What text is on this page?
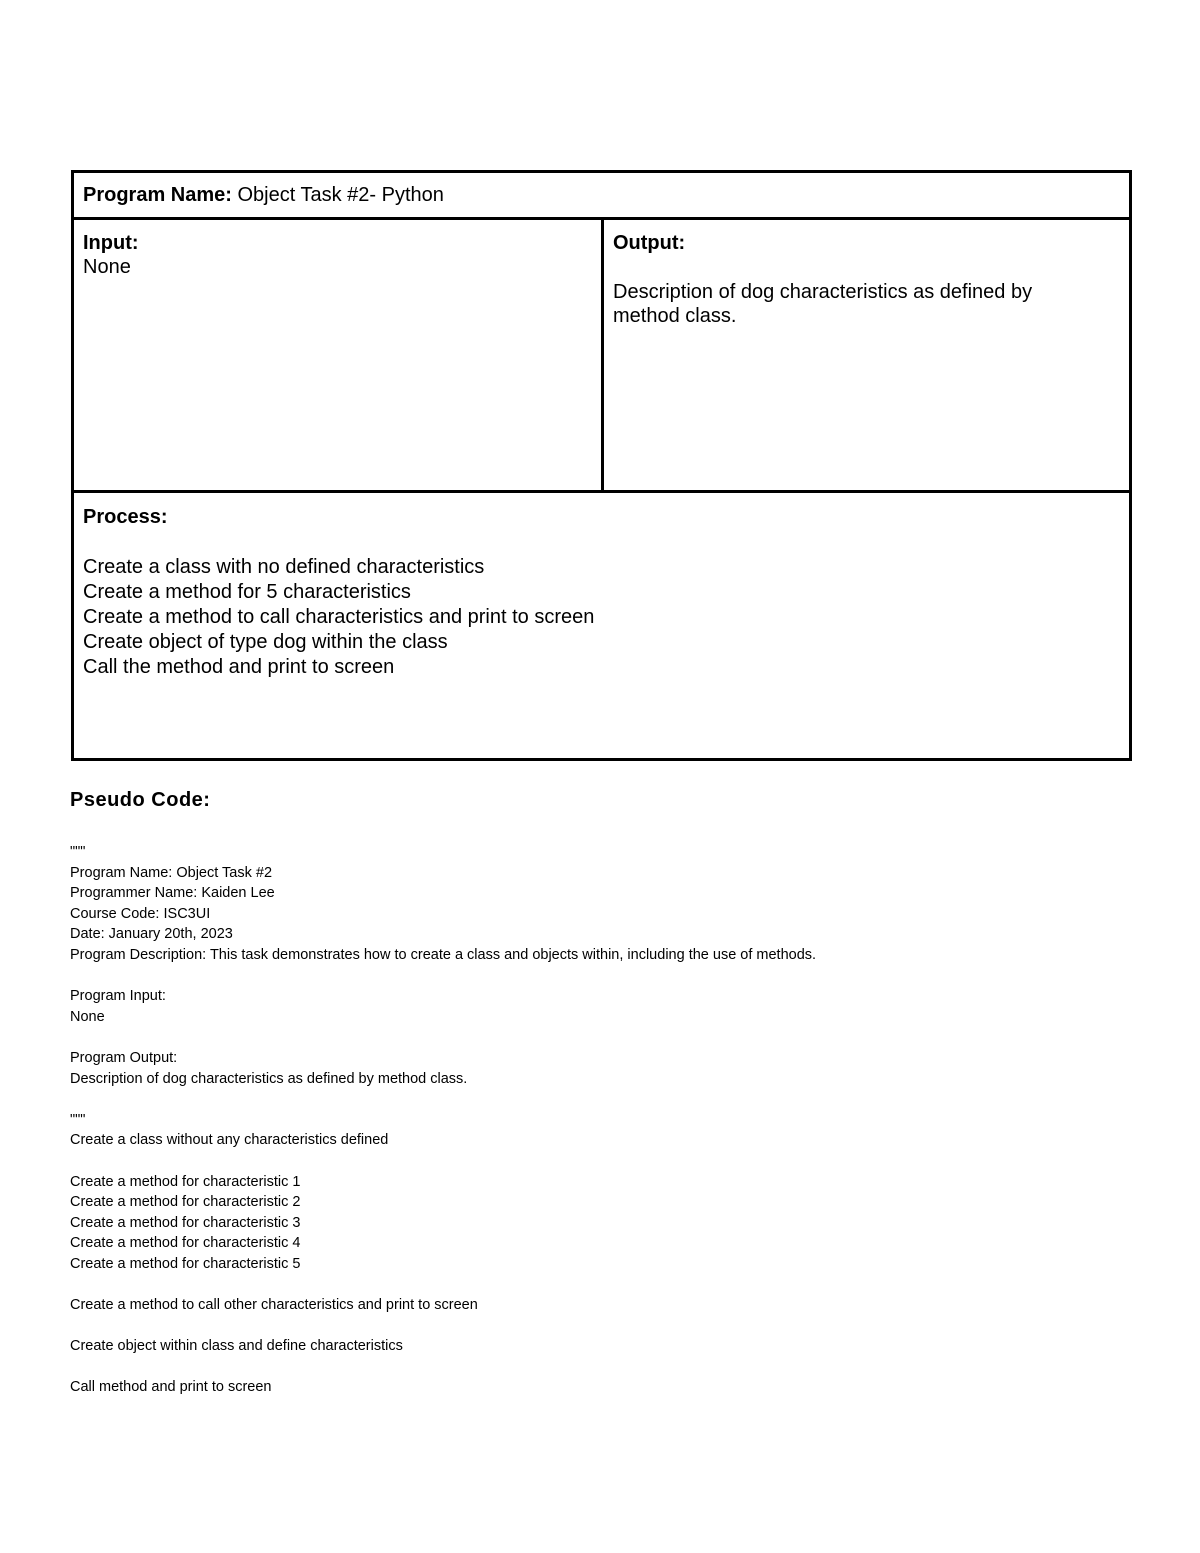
Program Name: Object Task #2- Python
Input:
None
Output:
Description of dog characteristics as defined by
method class.
Process:
Create a class with no defined characteristics
Create a method for 5 characteristics
Create a method to call characteristics and print to screen
Create object of type dog within the class
Call the method and print to screen
Pseudo Code:
"""
Program Name: Object Task #2
Programmer Name: Kaiden Lee
Course Code: ISC3UI
Date: January 20th, 2023
Program Description: This task demonstrates how to create a class and objects within, including the use of methods.
Program Input:
None
Program Output:
Description of dog characteristics as defined by method class.
"""
Create a class without any characteristics defined
Create a method for characteristic 1
Create a method for characteristic 2
Create a method for characteristic 3
Create a method for characteristic 4
Create a method for characteristic 5
Create a method to call other characteristics and print to screen
Create object within class and define characteristics
Call method and print to screen
